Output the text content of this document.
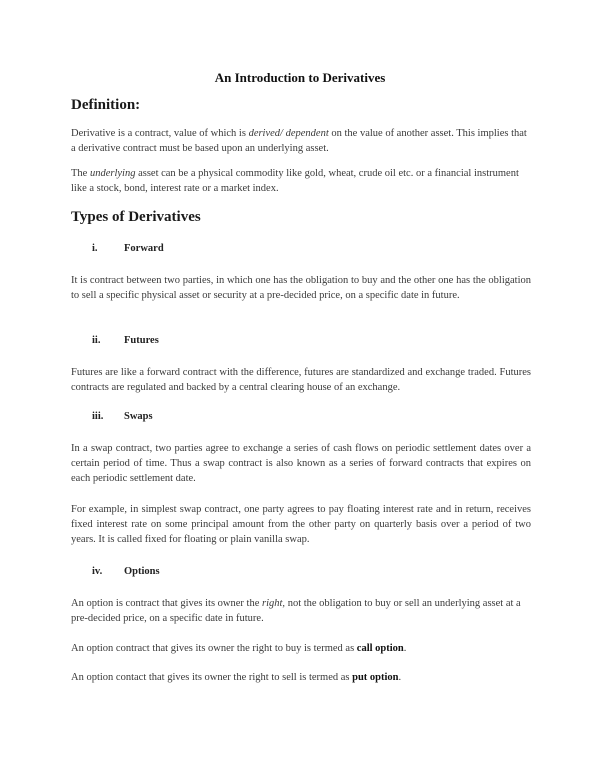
An Introduction to Derivatives
Definition:
Derivative is a contract, value of which is derived/ dependent on the value of another asset. This implies that a derivative contract must be based upon an underlying asset.
The underlying asset can be a physical commodity like gold, wheat, crude oil etc. or a financial instrument like a stock, bond, interest rate or a market index.
Types of Derivatives
i.	Forward
It is contract between two parties, in which one has the obligation to buy and the other one has the obligation to sell a specific physical asset or security at a pre-decided price, on a specific date in future.
ii. Futures
Futures are like a forward contract with the difference, futures are standardized and exchange traded. Futures contracts are regulated and backed by a central clearing house of an exchange.
iii. Swaps
In a swap contract, two parties agree to exchange a series of cash flows on periodic settlement dates over a certain period of time. Thus a swap contract is also known as a series of forward contracts that expires on each periodic settlement date.
For example, in simplest swap contract, one party agrees to pay floating interest rate and in return, receives fixed interest rate on some principal amount from the other party on quarterly basis over a period of two years. It is called fixed for floating or plain vanilla swap.
iv. Options
An option is contract that gives its owner the right, not the obligation to buy or sell an underlying asset at a pre-decided price, on a specific date in future.
An option contract that gives its owner the right to buy is termed as call option.
An option contact that gives its owner the right to sell is termed as put option.
